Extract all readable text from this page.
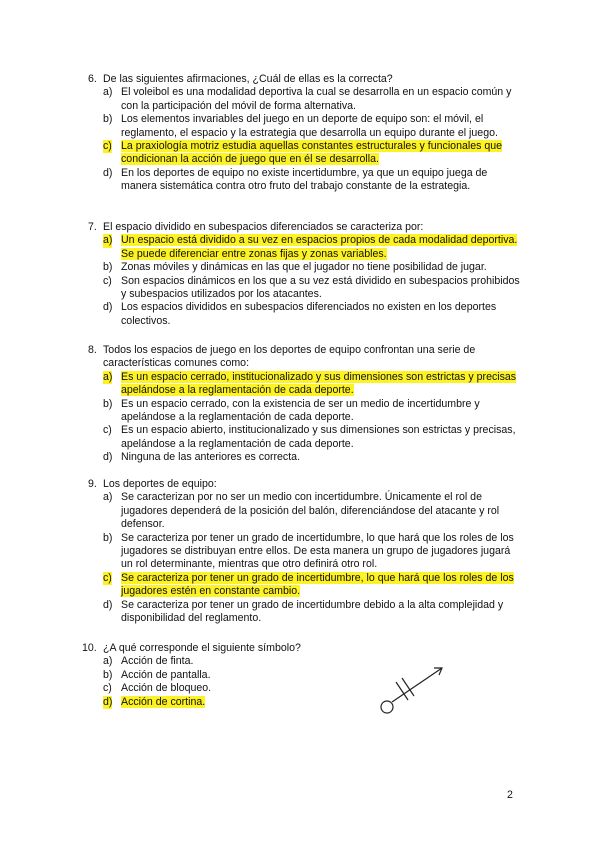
6. De las siguientes afirmaciones, ¿Cuál de ellas es la correcta?
a) El voleibol es una modalidad deportiva la cual se desarrolla en un espacio común y con la participación del móvil de forma alternativa.
b) Los elementos invariables del juego en un deporte de equipo son: el móvil, el reglamento, el espacio y la estrategia que desarrolla un equipo durante el juego.
c) La praxiología motriz estudia aquellas constantes estructurales y funcionales que condicionan la acción de juego que en él se desarrolla.
d) En los deportes de equipo no existe incertidumbre, ya que un equipo juega de manera sistemática contra otro fruto del trabajo constante de la estrategia.
7. El espacio dividido en subespacios diferenciados se caracteriza por:
a) Un espacio está dividido a su vez en espacios propios de cada modalidad deportiva. Se puede diferenciar entre zonas fijas y zonas variables.
b) Zonas móviles y dinámicas en las que el jugador no tiene posibilidad de jugar.
c) Son espacios dinámicos en los que a su vez está dividido en subespacios prohibidos y subespacios utilizados por los atacantes.
d) Los espacios divididos en subespacios diferenciados no existen en los deportes colectivos.
8. Todos los espacios de juego en los deportes de equipo confrontan una serie de características comunes como:
a) Es un espacio cerrado, institucionalizado y sus dimensiones son estrictas y precisas apelándose a la reglamentación de cada deporte.
b) Es un espacio cerrado, con la existencia de ser un medio de incertidumbre y apelándose a la reglamentación de cada deporte.
c) Es un espacio abierto, institucionalizado y sus dimensiones son estrictas y precisas, apelándose a la reglamentación de cada deporte.
d) Ninguna de las anteriores es correcta.
9. Los deportes de equipo:
a) Se caracterizan por no ser un medio con incertidumbre. Únicamente el rol de jugadores dependerá de la posición del balón, diferenciándose del atacante y rol defensor.
b) Se caracteriza por tener un grado de incertidumbre, lo que hará que los roles de los jugadores se distribuyan entre ellos. De esta manera un grupo de jugadores jugará un rol determinante, mientras que otro definirá otro rol.
c) Se caracteriza por tener un grado de incertidumbre, lo que hará que los roles de los jugadores estén en constante cambio.
d) Se caracteriza por tener un grado de incertidumbre debido a la alta complejidad y disponibilidad del reglamento.
10. ¿A qué corresponde el siguiente símbolo?
a) Acción de finta.
b) Acción de pantalla.
c) Acción de bloqueo.
d) Acción de cortina.
2
